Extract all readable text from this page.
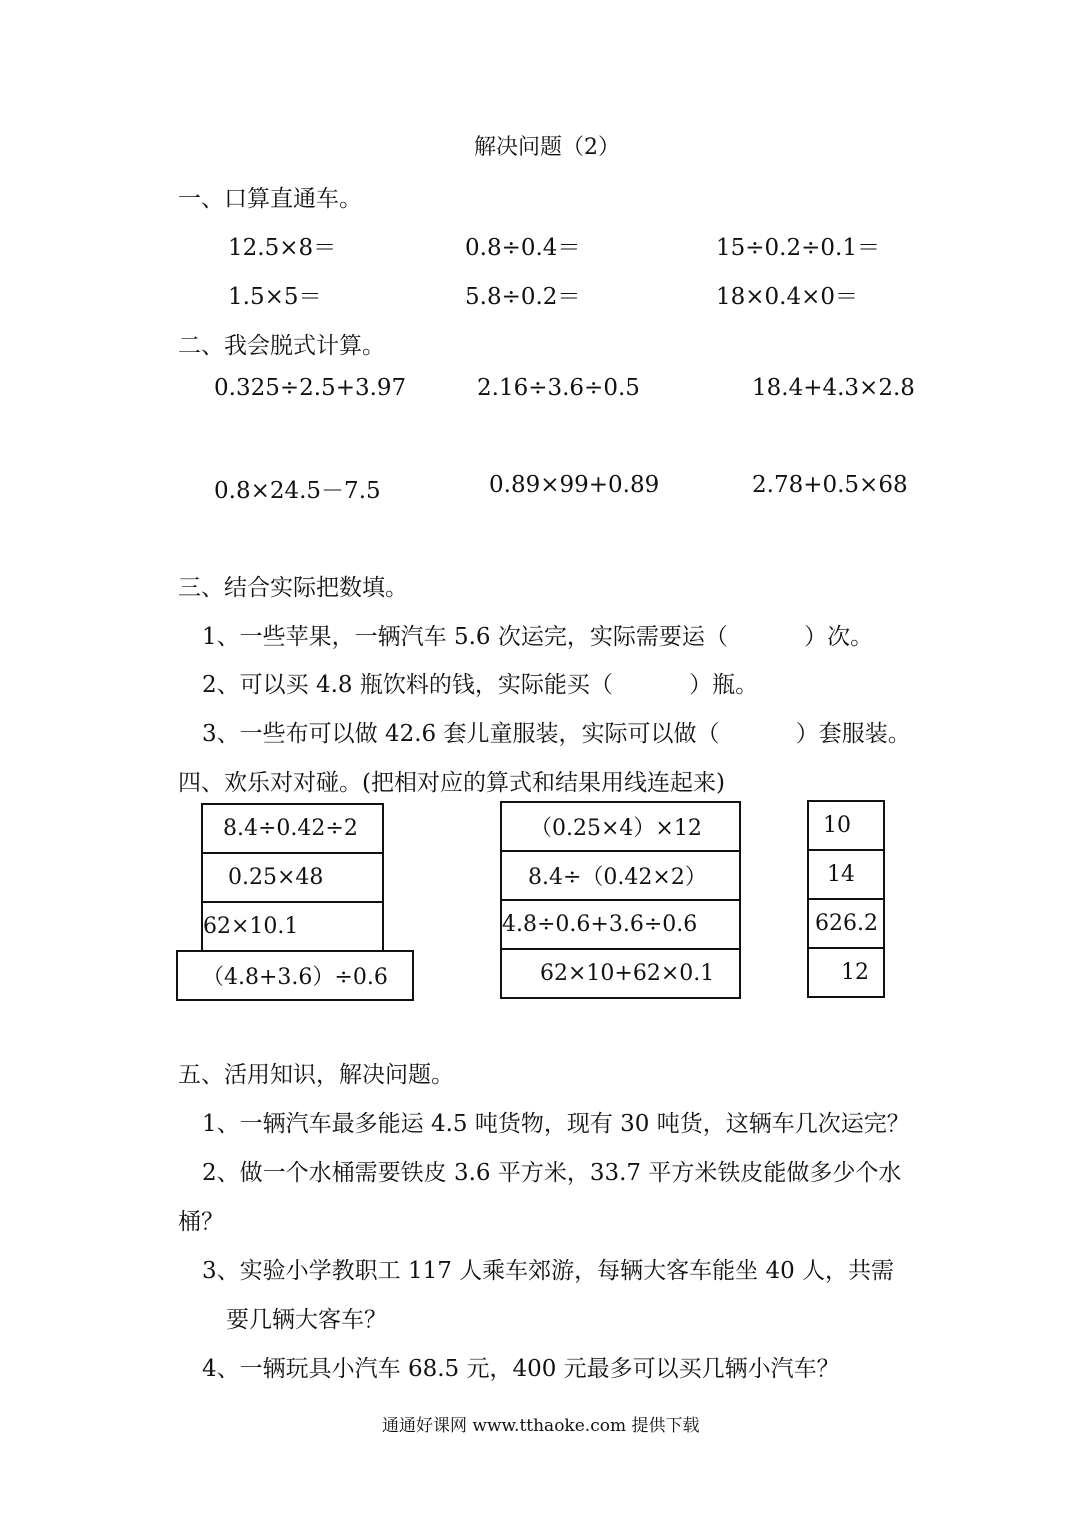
解决问题（2）
一、口算直通车。
12.5×8＝	0.8÷0.4＝	15÷0.2÷0.1＝
1.5×5＝	5.8÷0.2＝	18×0.4×0＝
二、我会脱式计算。
0.325÷2.5+3.97	2.16÷3.6÷0.5	18.4+4.3×2.8
0.8×24.5－7.5	0.89×99+0.89	2.78+0.5×68
三、结合实际把数填。
1、一些苹果，一辆汽车 5.6 次运完，实际需要运（　　　 ）次。
2、可以买 4.8 瓶饮料的钱，实际能买（　　　 ）瓶。
3、一些布可以做 42.6 套儿童服装，实际可以做（　　　 ）套服装。
四、欢乐对对碰。(把相对应的算式和结果用线连起来)
8.4÷0.42÷2
0.25×48
62×10.1
（4.8+3.6）÷0.6
（0.25×4）×12
8.4÷（0.42×2）
4.8÷0.6+3.6÷0.6
62×10+62×0.1
10
14
626.2
12
五、活用知识，解决问题。
1、一辆汽车最多能运 4.5 吨货物，现有 30 吨货，这辆车几次运完？
2、做一个水桶需要铁皮 3.6 平方米，33.7 平方米铁皮能做多少个水
桶？
3、实验小学教职工 117 人乘车郊游，每辆大客车能坐 40 人，共需
要几辆大客车？
4、一辆玩具小汽车 68.5 元，400 元最多可以买几辆小汽车？
通通好课网 www.tthaoke.com 提供下载
